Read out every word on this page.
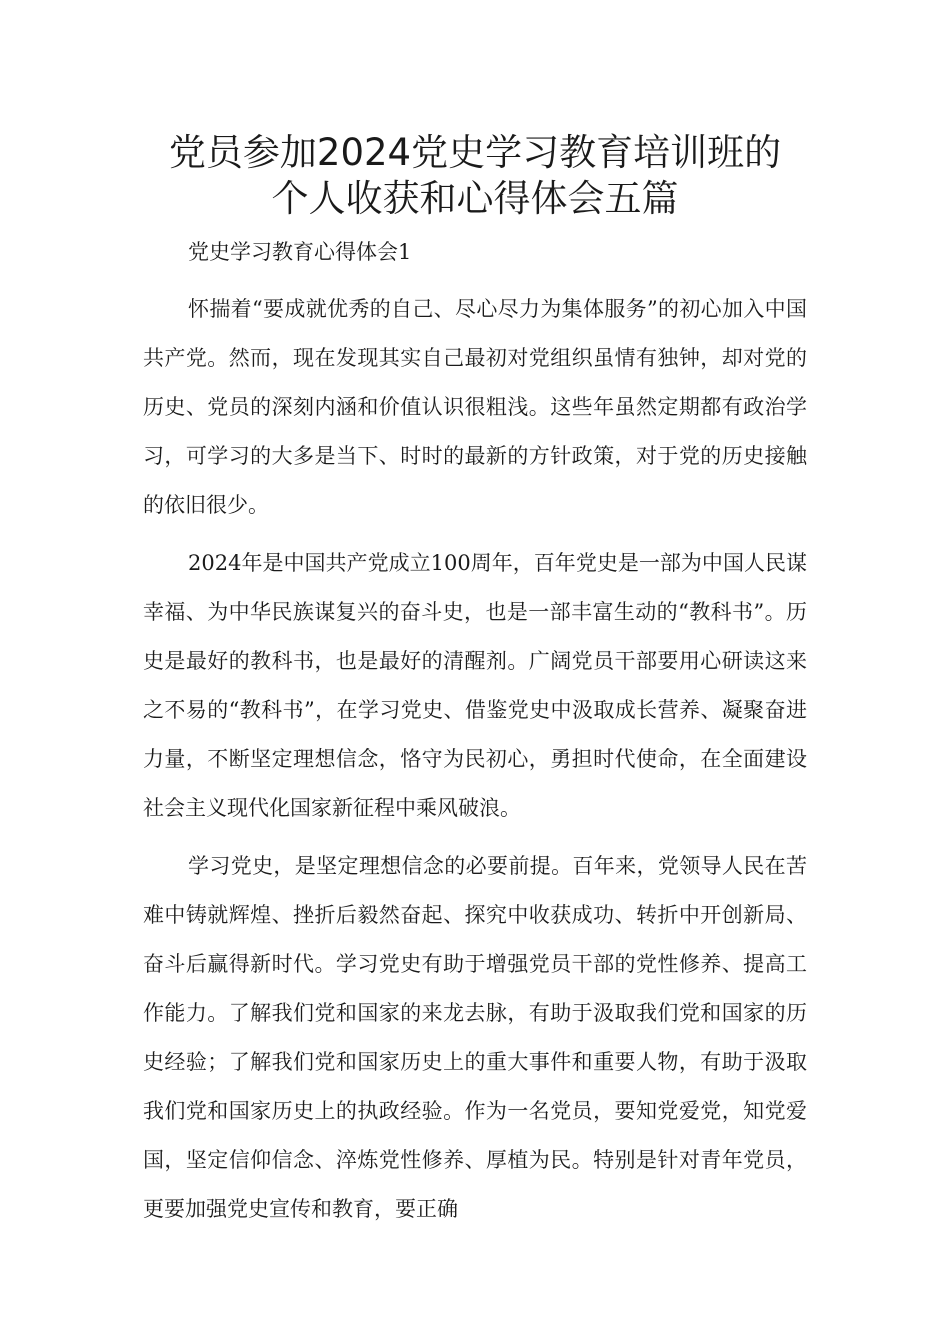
党员参加2024党史学习教育培训班的
个人收获和心得体会五篇

党史学习教育心得体会1

怀揣着“要成就优秀的自己、尽心尽力为集体服务”的初心加入中国共产党。然而，现在发现其实自己最初对党组织虽情有独钟，却对党的历史、党员的深刻内涵和价值认识很粗浅。这些年虽然定期都有政治学习，可学习的大多是当下、时时的最新的方针政策，对于党的历史接触的依旧很少。

2024年是中国共产党成立100周年，百年党史是一部为中国人民谋幸福、为中华民族谋复兴的奋斗史，也是一部丰富生动的“教科书”。历史是最好的教科书，也是最好的清醒剂。广阔党员干部要用心研读这来之不易的“教科书”，在学习党史、借鉴党史中汲取成长营养、凝聚奋进力量，不断坚定理想信念，恪守为民初心，勇担时代使命，在全面建设社会主义现代化国家新征程中乘风破浪。

学习党史，是坚定理想信念的必要前提。百年来，党领导人民在苦难中铸就辉煌、挫折后毅然奋起、探究中收获成功、转折中开创新局、奋斗后赢得新时代。学习党史有助于增强党员干部的党性修养、提高工作能力。了解我们党和国家的来龙去脉，有助于汲取我们党和国家的历史经验；了解我们党和国家历史上的重大事件和重要人物，有助于汲取我们党和国家历史上的执政经验。作为一名党员，要知党爱党，知党爱国，坚定信仰信念、淬炼党性修养、厚植为民。特别是针对青年党员，更要加强党史宣传和教育，要正确
